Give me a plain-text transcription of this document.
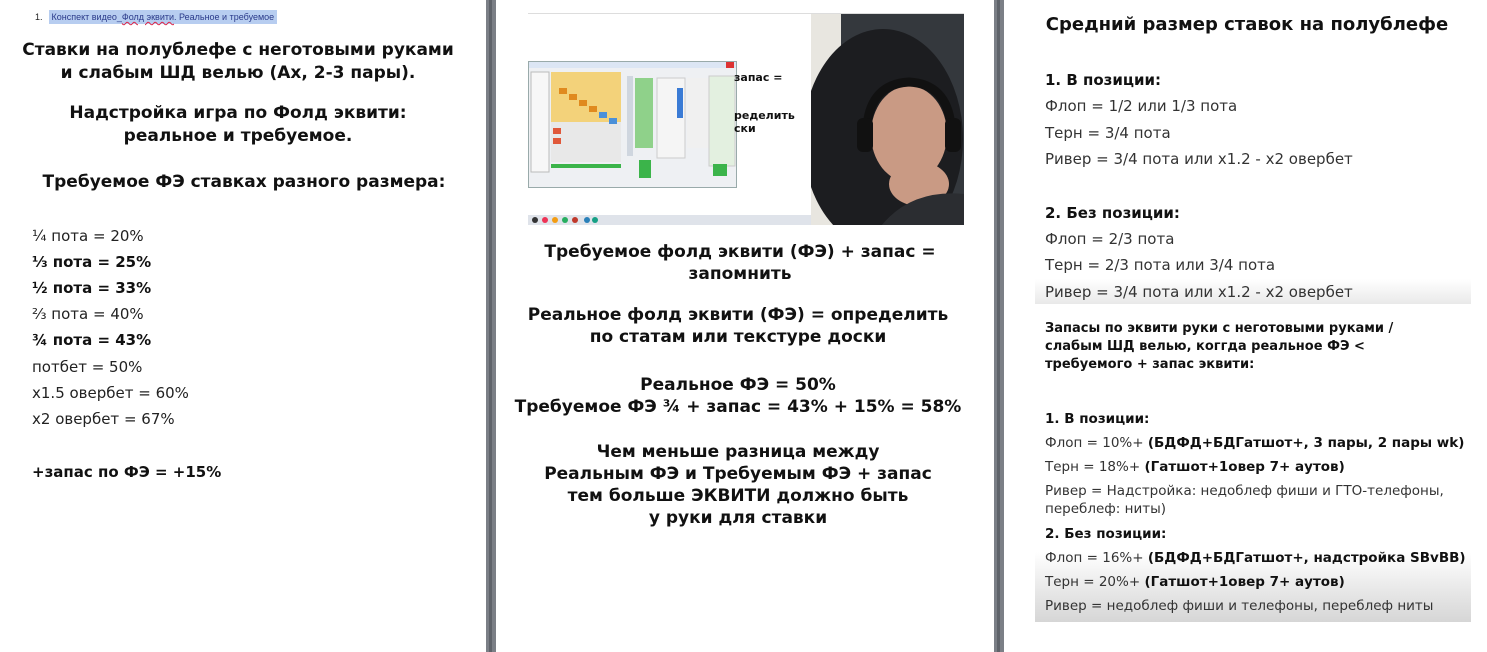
1. Конспект видео_Фолд эквити. Реальное и требуемое
Ставки на полублефе с неготовыми руками
и слабым ШД велью (Ax, 2-3 пары).
Надстройка игра по Фолд эквити:
реальное и требуемое.
Требуемое ФЭ ставках разного размера:
¼ пота = 20%
⅓ пота = 25%
½ пота = 33%
⅔ пота = 40%
¾ пота = 43%
потбет = 50%
x1.5 овербет = 60%
x2 овербет = 67%
+запас по ФЭ = +15%
запас =
ределить
ски
Требуемое фолд эквити (ФЭ) + запас =
запомнить
Реальное фолд эквити (ФЭ) = определить
по статам или текстуре доски
Реальное ФЭ = 50%
Требуемое ФЭ ¾ + запас = 43% + 15% = 58%
Чем меньше разница между
Реальным ФЭ и Требуемым ФЭ + запас
тем больше ЭКВИТИ должно быть
у руки для ставки
Средний размер ставок на полублефе
1. В позиции:
Флоп = 1/2 или 1/3 пота
Терн = 3/4 пота
Ривер = 3/4 пота или x1.2 - x2 овербет
2. Без позиции:
Флоп = 2/3 пота
Терн = 2/3 пота или 3/4 пота
Ривер = 3/4 пота или x1.2 - x2 овербет
Запасы по эквити руки с неготовыми руками /
слабым ШД велью, коггда реальное ФЭ <
требуемого + запас эквити:
1. В позиции:
Флоп = 10%+ (БДФД+БДГатшот+, 3 пары, 2 пары wk)
Терн = 18%+ (Гатшот+1овер 7+ аутов)
Ривер = Надстройка: недоблеф фиши и ГТО-телефоны,
переблеф: ниты)
2. Без позиции:
Флоп = 16%+ (БДФД+БДГатшот+, надстройка SBvBB)
Терн = 20%+ (Гатшот+1овер 7+ аутов)
Ривер = недоблеф фиши и телефоны, переблеф ниты
